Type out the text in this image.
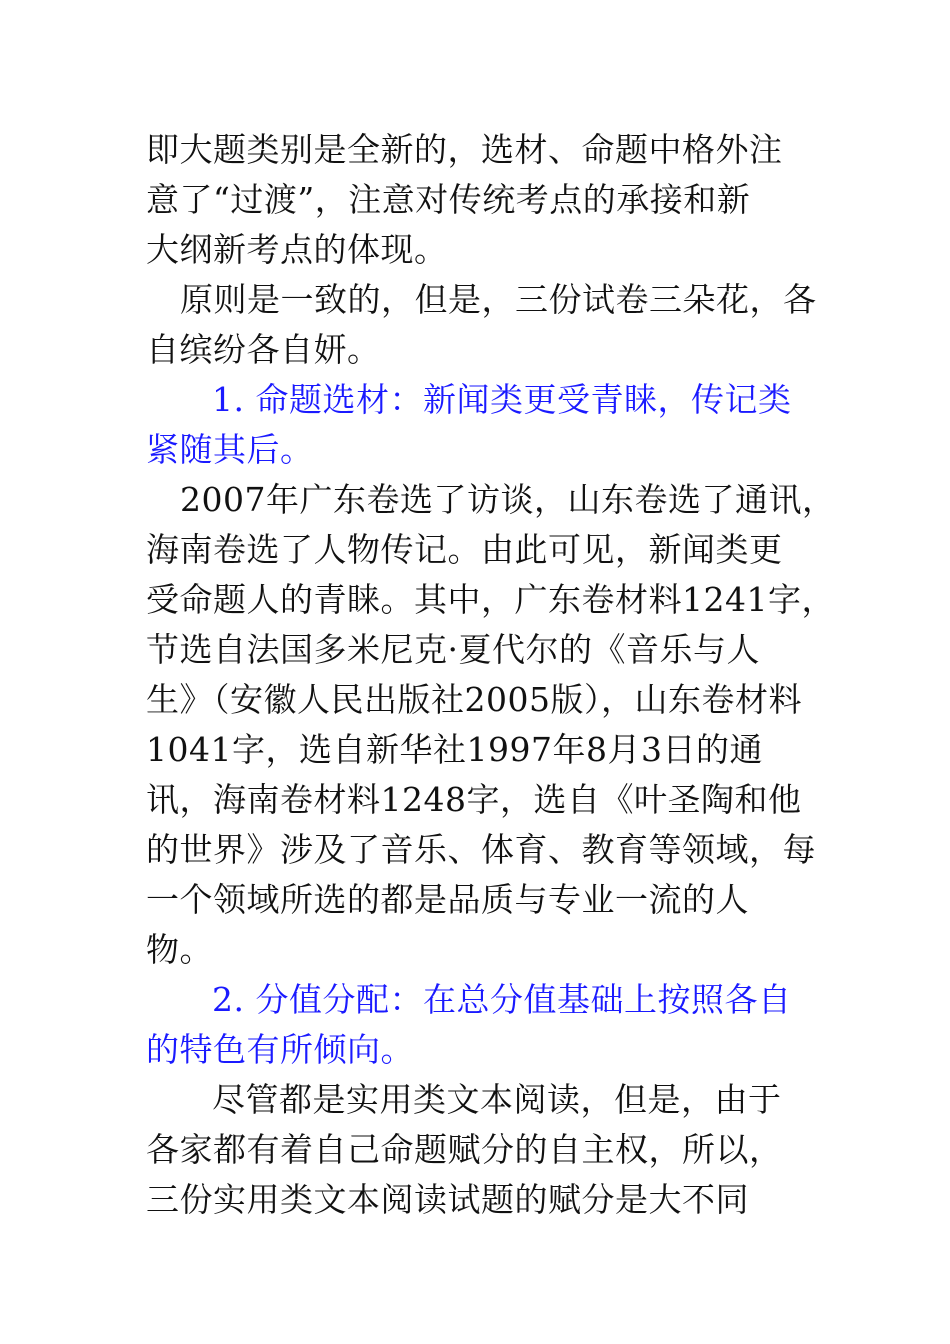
即大题类别是全新的，选材、命题中格外注
意了“过渡”，注意对传统考点的承接和新
大纲新考点的体现。
原则是一致的，但是，三份试卷三朵花，各
自缤纷各自妍。
1. 命题选材：新闻类更受青睐，传记类
紧随其后。
2007年广东卷选了访谈，山东卷选了通讯，
海南卷选了人物传记。由此可见，新闻类更
受命题人的青睐。其中，广东卷材料1241字，
节选自法国多米尼克·夏代尔的《音乐与人
生》（安徽人民出版社2005版），山东卷材料
1041字，选自新华社1997年8月3日的通
讯，海南卷材料1248字，选自《叶圣陶和他
的世界》涉及了音乐、体育、教育等领域，每
一个领域所选的都是品质与专业一流的人
物。
2. 分值分配：在总分值基础上按照各自
的特色有所倾向。
尽管都是实用类文本阅读，但是，由于
各家都有着自己命题赋分的自主权，所以，
三份实用类文本阅读试题的赋分是大不同
